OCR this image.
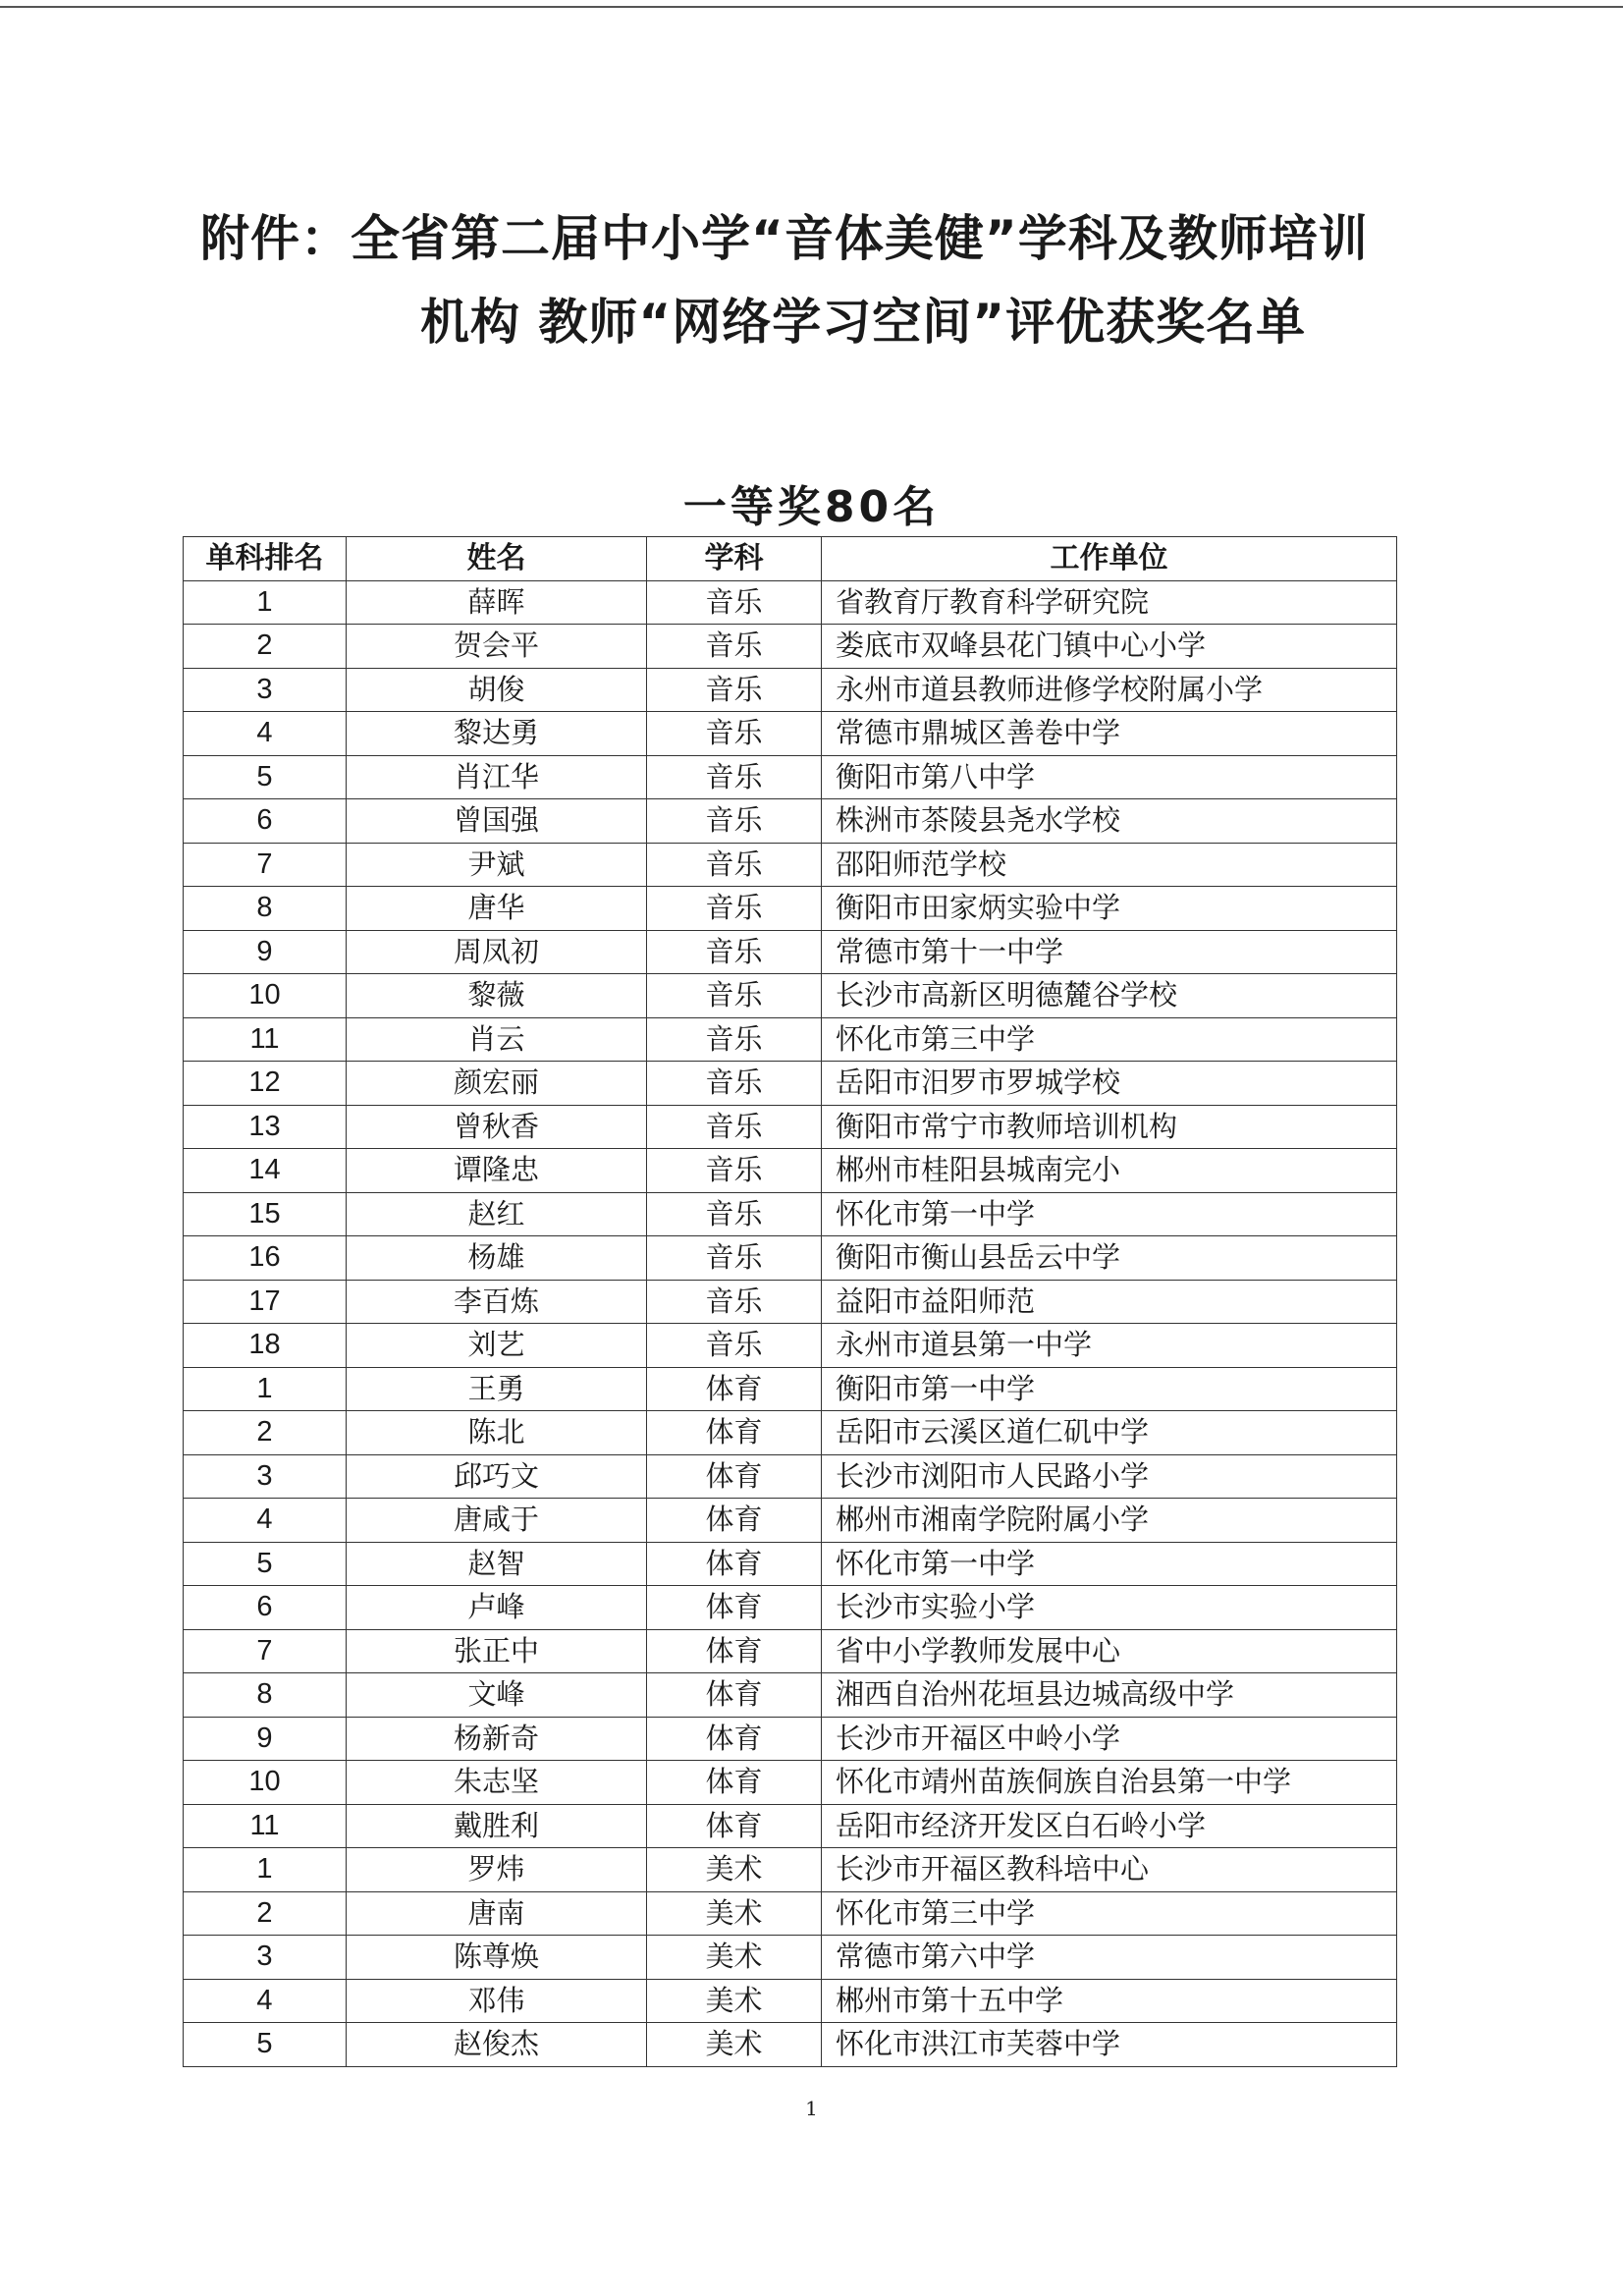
附件：全省第二届中小学“音体美健”学科及教师培训
机构 教师“网络学习空间”评优获奖名单
一等奖80名
单科排名	姓名	学科	工作单位
1	薛晖	音乐	省教育厅教育科学研究院
2	贺会平	音乐	娄底市双峰县花门镇中心小学
3	胡俊	音乐	永州市道县教师进修学校附属小学
4	黎达勇	音乐	常德市鼎城区善卷中学
5	肖江华	音乐	衡阳市第八中学
6	曾国强	音乐	株洲市茶陵县尧水学校
7	尹斌	音乐	邵阳师范学校
8	唐华	音乐	衡阳市田家炳实验中学
9	周凤初	音乐	常德市第十一中学
10	黎薇	音乐	长沙市高新区明德麓谷学校
11	肖云	音乐	怀化市第三中学
12	颜宏丽	音乐	岳阳市汨罗市罗城学校
13	曾秋香	音乐	衡阳市常宁市教师培训机构
14	谭隆忠	音乐	郴州市桂阳县城南完小
15	赵红	音乐	怀化市第一中学
16	杨雄	音乐	衡阳市衡山县岳云中学
17	李百炼	音乐	益阳市益阳师范
18	刘艺	音乐	永州市道县第一中学
1	王勇	体育	衡阳市第一中学
2	陈北	体育	岳阳市云溪区道仁矶中学
3	邱巧文	体育	长沙市浏阳市人民路小学
4	唐咸于	体育	郴州市湘南学院附属小学
5	赵智	体育	怀化市第一中学
6	卢峰	体育	长沙市实验小学
7	张正中	体育	省中小学教师发展中心
8	文峰	体育	湘西自治州花垣县边城高级中学
9	杨新奇	体育	长沙市开福区中岭小学
10	朱志坚	体育	怀化市靖州苗族侗族自治县第一中学
11	戴胜利	体育	岳阳市经济开发区白石岭小学
1	罗炜	美术	长沙市开福区教科培中心
2	唐南	美术	怀化市第三中学
3	陈尊焕	美术	常德市第六中学
4	邓伟	美术	郴州市第十五中学
5	赵俊杰	美术	怀化市洪江市芙蓉中学
1
